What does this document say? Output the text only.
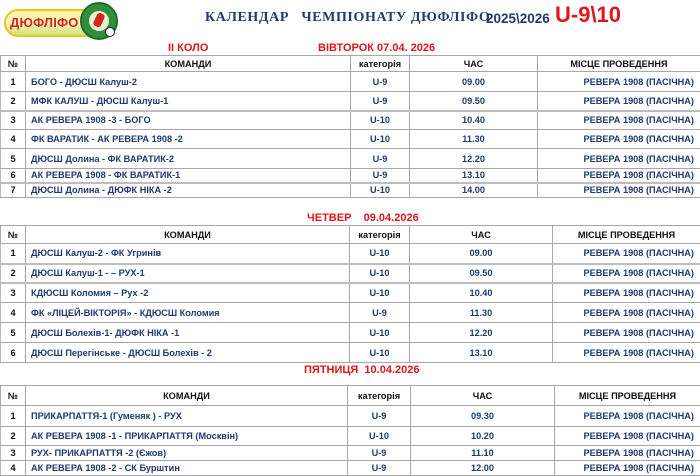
ДЮФЛІФО	КАЛЕНДАР   ЧЕМПІОНАТУ ДЮФЛІФО
2025\2026 U-9\10
II КОЛО	ВІВТОРОК 07.04. 2026
№	КОМАНДИ	категорія	ЧАС	МІСЦЕ ПРОВЕДЕННЯ
1	БОГО - ДЮСШ Калуш-2	U-9	09.00	РЕВЕРА 1908 (ПАСІЧНА)
2	МФК КАЛУШ - ДЮСШ Калуш-1	U-9	09.50	РЕВЕРА 1908 (ПАСІЧНА)
3	АК РЕВЕРА 1908 -3 - БОГО	U-10	10.40	РЕВЕРА 1908 (ПАСІЧНА)
4	ФК ВАРАТИК - АК РЕВЕРА 1908 -2	U-10	11.30	РЕВЕРА 1908 (ПАСІЧНА)
5	ДЮСШ Долина - ФК ВАРАТИК-2	U-9	12.20	РЕВЕРА 1908 (ПАСІЧНА)
6	АК РЕВЕРА 1908 - ФК ВАРАТИК-1	U-9	13.10	РЕВЕРА 1908 (ПАСІЧНА)
7	ДЮСШ Долина - ДЮФК НІКА -2	U-10	14.00	РЕВЕРА 1908 (ПАСІЧНА)
ЧЕТВЕР    09.04.2026
№	КОМАНДИ	категорія	ЧАС	МІСЦЕ ПРОВЕДЕННЯ
1	ДЮСШ Калуш-2 - ФК Угринів	U-10	09.00	РЕВЕРА 1908 (ПАСІЧНА)
2	ДЮСШ Калуш-1 - – РУХ-1	U-10	09.50	РЕВЕРА 1908 (ПАСІЧНА)
3	КДЮСШ Коломия – Рух -2	U-10	10.40	РЕВЕРА 1908 (ПАСІЧНА)
4	ФК «ЛІЦЕЙ-ВІКТОРІЯ» - КДЮСШ Коломия	U-9	11.30	РЕВЕРА 1908 (ПАСІЧНА)
5	ДЮСШ Болехів-1- ДЮФК НІКА -1	U-10	12.20	РЕВЕРА 1908 (ПАСІЧНА)
6	ДЮСШ Перегінське - ДЮСШ Болехів - 2	U-10	13.10	РЕВЕРА 1908 (ПАСІЧНА)
ПЯТНИЦЯ  10.04.2026
№	КОМАНДИ	категорія	ЧАС	МІСЦЕ ПРОВЕДЕННЯ
1	ПРИКАРПАТТЯ-1 (Гуменяк ) - РУХ	U-9	09.30	РЕВЕРА 1908 (ПАСІЧНА)
2	АК РЕВЕРА 1908 -1 - ПРИКАРПАТТЯ (Москвін)	U-10	10.20	РЕВЕРА 1908 (ПАСІЧНА)
3	РУХ- ПРИКАРПАТТЯ -2 (Єжов)	U-9	11.10	РЕВЕРА 1908 (ПАСІЧНА)
4	АК РЕВЕРА 1908 -2 - СК Бурштин	U-9	12.00	РЕВЕРА 1908 (ПАСІЧНА)
